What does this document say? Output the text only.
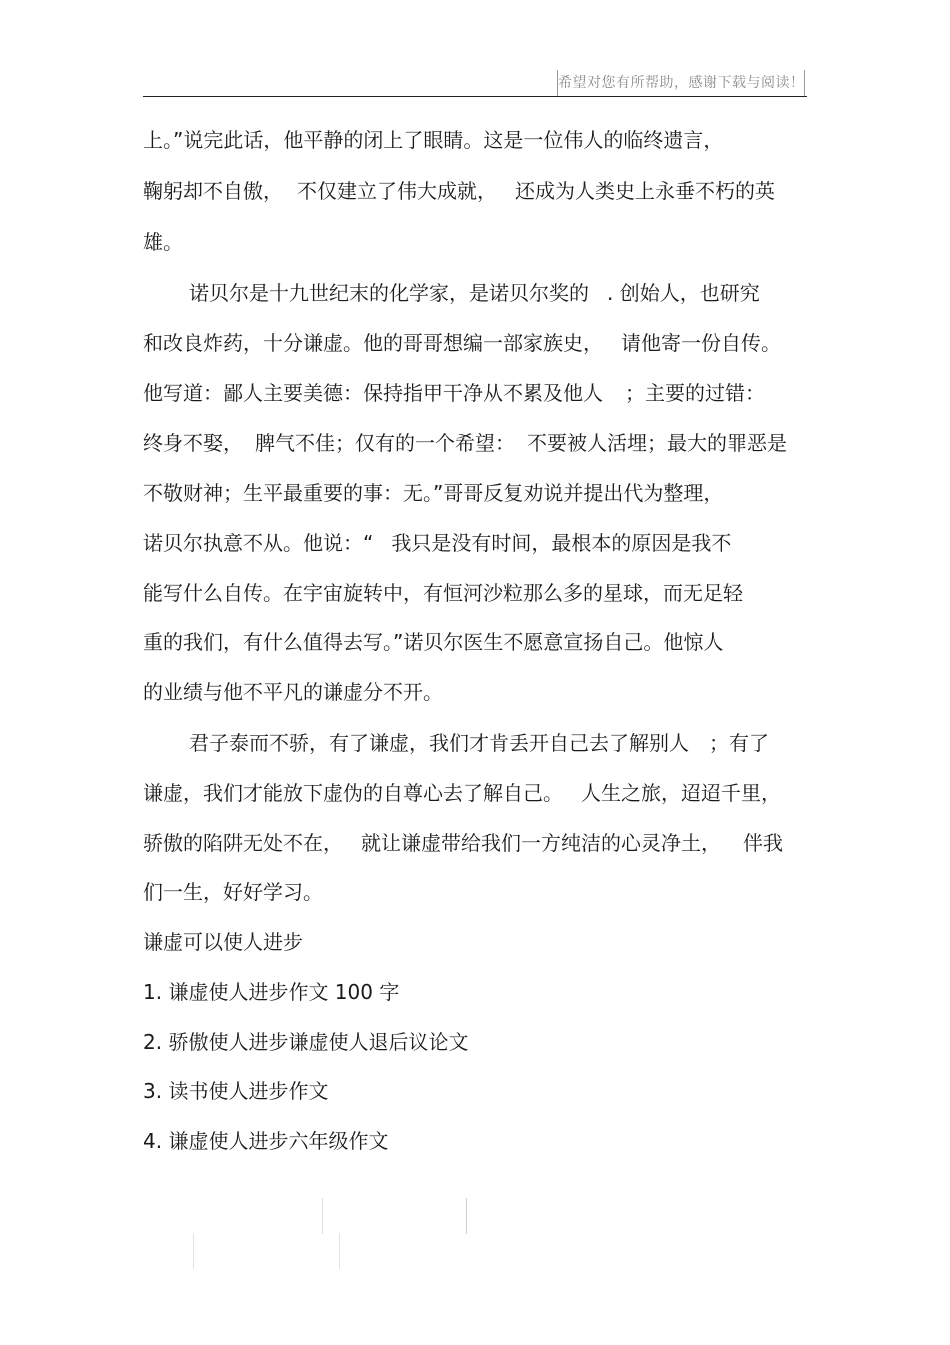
希望对您有所帮助，感谢下载与阅读！
上。”说完此话，他平静的闭上了眼睛。这是一位伟人的临终遗言，
鞠躬却不自傲， 不仅建立了伟大成就， 还成为人类史上永垂不朽的英
雄。
诺贝尔是十九世纪末的化学家，是诺贝尔奖的 . 创始人，也研究
和改良炸药，十分谦虚。他的哥哥想编一部家族史， 请他寄一份自传。
他写道：鄙人主要美德：保持指甲干净从不累及他人 ；主要的过错：
终身不娶， 脾气不佳；仅有的一个希望： 不要被人活埋；最大的罪恶是
不敬财神；生平最重要的事：无。”哥哥反复劝说并提出代为整理，
诺贝尔执意不从。他说：“ 我只是没有时间，最根本的原因是我不
能写什么自传。在宇宙旋转中，有恒河沙粒那么多的星球，而无足轻
重的我们，有什么值得去写。”诺贝尔医生不愿意宣扬自己。他惊人
的业绩与他不平凡的谦虚分不开。
君子泰而不骄，有了谦虚，我们才肯丢开自己去了解别人 ；有了
谦虚，我们才能放下虚伪的自尊心去了解自己。 人生之旅，迢迢千里，
骄傲的陷阱无处不在， 就让谦虚带给我们一方纯洁的心灵净土， 伴我
们一生，好好学习。
谦虚可以使人进步
1. 谦虚使人进步作文 100 字
2. 骄傲使人进步谦虚使人退后议论文
3. 读书使人进步作文
4. 谦虚使人进步六年级作文
